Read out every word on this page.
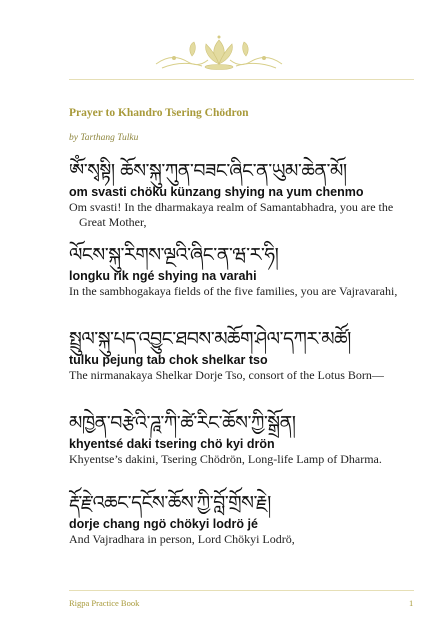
Prayer to Khandro Tsering Chödron
by Tarthang Tulku
ཨོཾ་སྭསྟི། ཆོས་སྐུ་ཀུན་བཟང་ཞིང་ན་ཡུམ་ཆེན་མོ།
om svasti chöku künzang shying na yum chenmo
Om svasti! In the dharmakaya realm of Samantabhadra, you are the Great Mother,
ལོངས་སྐུ་རིགས་ལྔའི་ཞིང་ན་ཝ་ར་ཧི།
longku rik ngé shying na varahi
In the sambhogakaya fields of the five families, you are Vajravarahi,
སྤྲུལ་སྐུ་པད་འབྱུང་ཐབས་མཆོག་ཤེལ་དཀར་མཚོ།
tulku pejung tab chok shelkar tso
The nirmanakaya Shelkar Dorje Tso, consort of the Lotus Born—
མཁྱེན་བརྩེའི་ཌཱ་ཀི་ཚེ་རིང་ཆོས་ཀྱི་སྒྲོན།
khyentsé daki tsering chö kyi drön
Khyentse’s dakini, Tsering Chödrön, Long-life Lamp of Dharma.
རྡོ་རྗེ་འཆང་དངོས་ཆོས་ཀྱི་བློ་གྲོས་རྗེ།
dorje chang ngö chökyi lodrö jé
And Vajradhara in person, Lord Chökyi Lodrö,
Rigpa Practice Book	1
